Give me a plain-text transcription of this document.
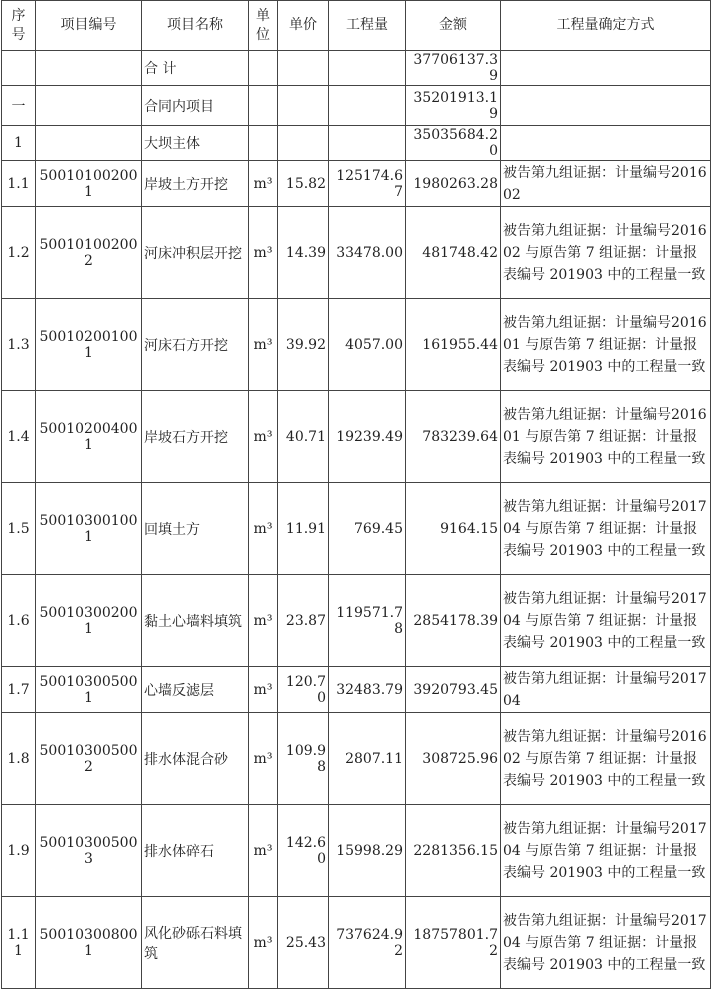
序号	项目编号	项目名称	单位	单价	工程量	金额	工程量确定方式
		合 计				37706137.39	
一		合同内项目				35201913.19	
1		大坝主体				35035684.20	
1.1	500101002001	岸坡土方开挖	m³	15.82	125174.67	1980263.28	被告第九组证据：计量编号201602
1.2	500101002002	河床冲积层开挖	m³	14.39	33478.00	481748.42	被告第九组证据：计量编号201602 与原告第 7 组证据：计量报表编号 201903 中的工程量一致
1.3	500102001001	河床石方开挖	m³	39.92	4057.00	161955.44	被告第九组证据：计量编号201601 与原告第 7 组证据：计量报表编号 201903 中的工程量一致
1.4	500102004001	岸坡石方开挖	m³	40.71	19239.49	783239.64	被告第九组证据：计量编号201601 与原告第 7 组证据：计量报表编号 201903 中的工程量一致
1.5	500103001001	回填土方	m³	11.91	769.45	9164.15	被告第九组证据：计量编号201704 与原告第 7 组证据：计量报表编号 201903 中的工程量一致
1.6	500103002001	黏土心墙料填筑	m³	23.87	119571.78	2854178.39	被告第九组证据：计量编号201704 与原告第 7 组证据：计量报表编号 201903 中的工程量一致
1.7	500103005001	心墙反滤层	m³	120.70	32483.79	3920793.45	被告第九组证据：计量编号201704
1.8	500103005002	排水体混合砂	m³	109.98	2807.11	308725.96	被告第九组证据：计量编号201602 与原告第 7 组证据：计量报表编号 201903 中的工程量一致
1.9	500103005003	排水体碎石	m³	142.60	15998.29	2281356.15	被告第九组证据：计量编号201704 与原告第 7 组证据：计量报表编号 201903 中的工程量一致
1.11	500103008001	风化砂砾石料填筑	m³	25.43	737624.92	18757801.72	被告第九组证据：计量编号201704 与原告第 7 组证据：计量报表编号 201903 中的工程量一致
